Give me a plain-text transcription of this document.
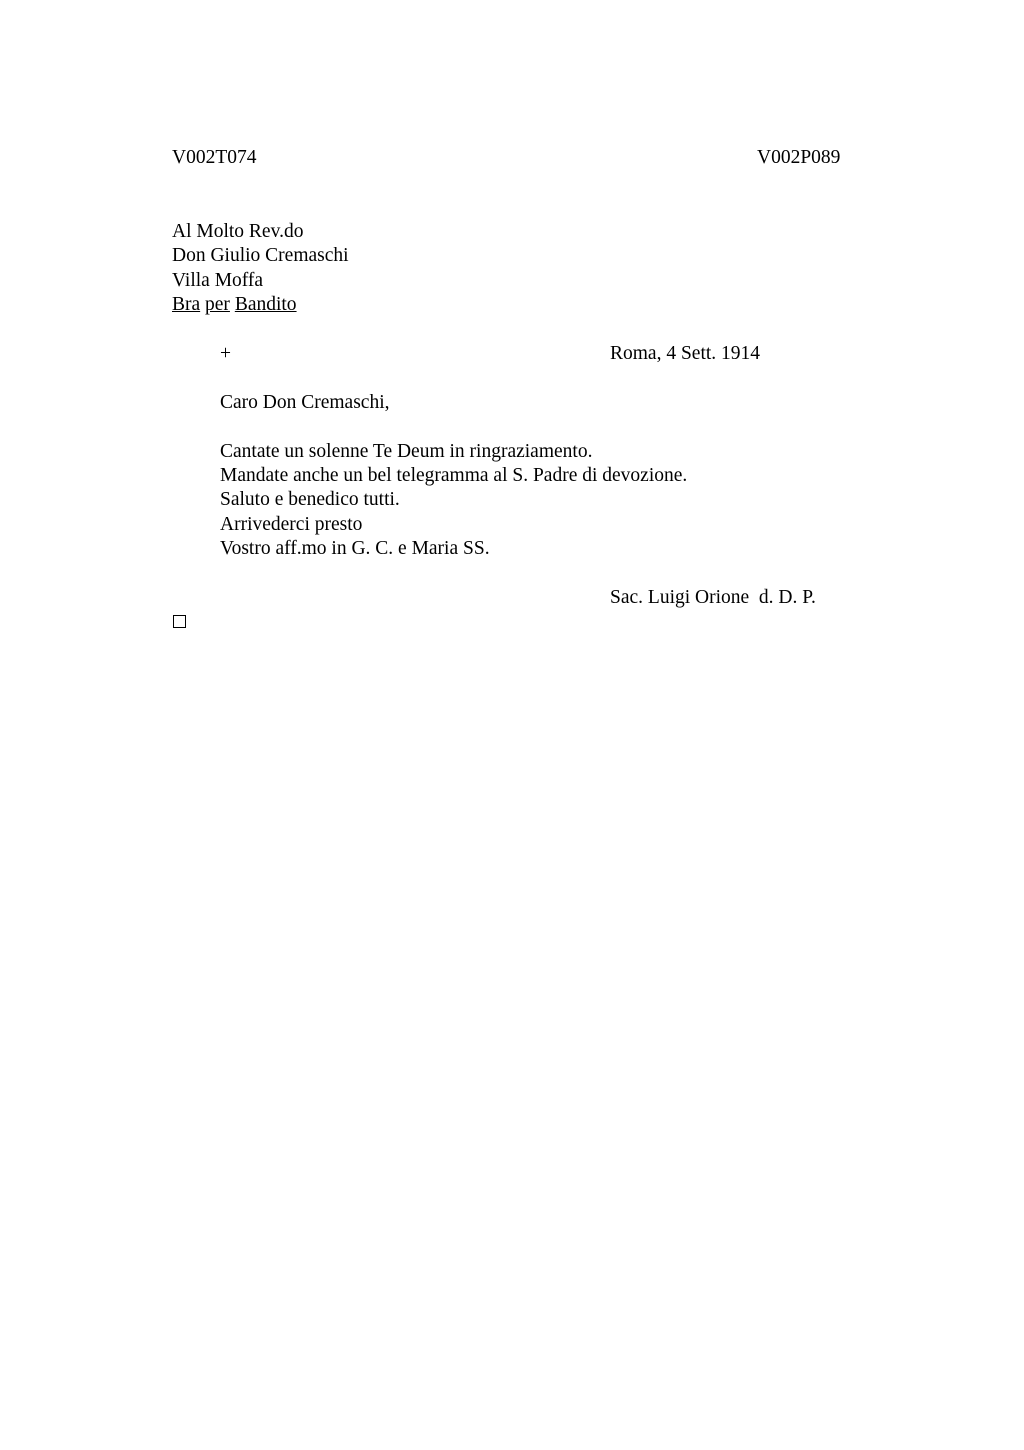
V002T074	V002P089
Al Molto Rev.do
Don Giulio Cremaschi
Villa Moffa
Bra per Bandito
+	Roma, 4 Sett. 1914
Caro Don Cremaschi,
Cantate un solenne Te Deum in ringraziamento.
Mandate anche un bel telegramma al S. Padre di devozione.
Saluto e benedico tutti.
Arrivederci presto
Vostro aff.mo in G. C. e Maria SS.
Sac. Luigi Orione  d. D. P.
